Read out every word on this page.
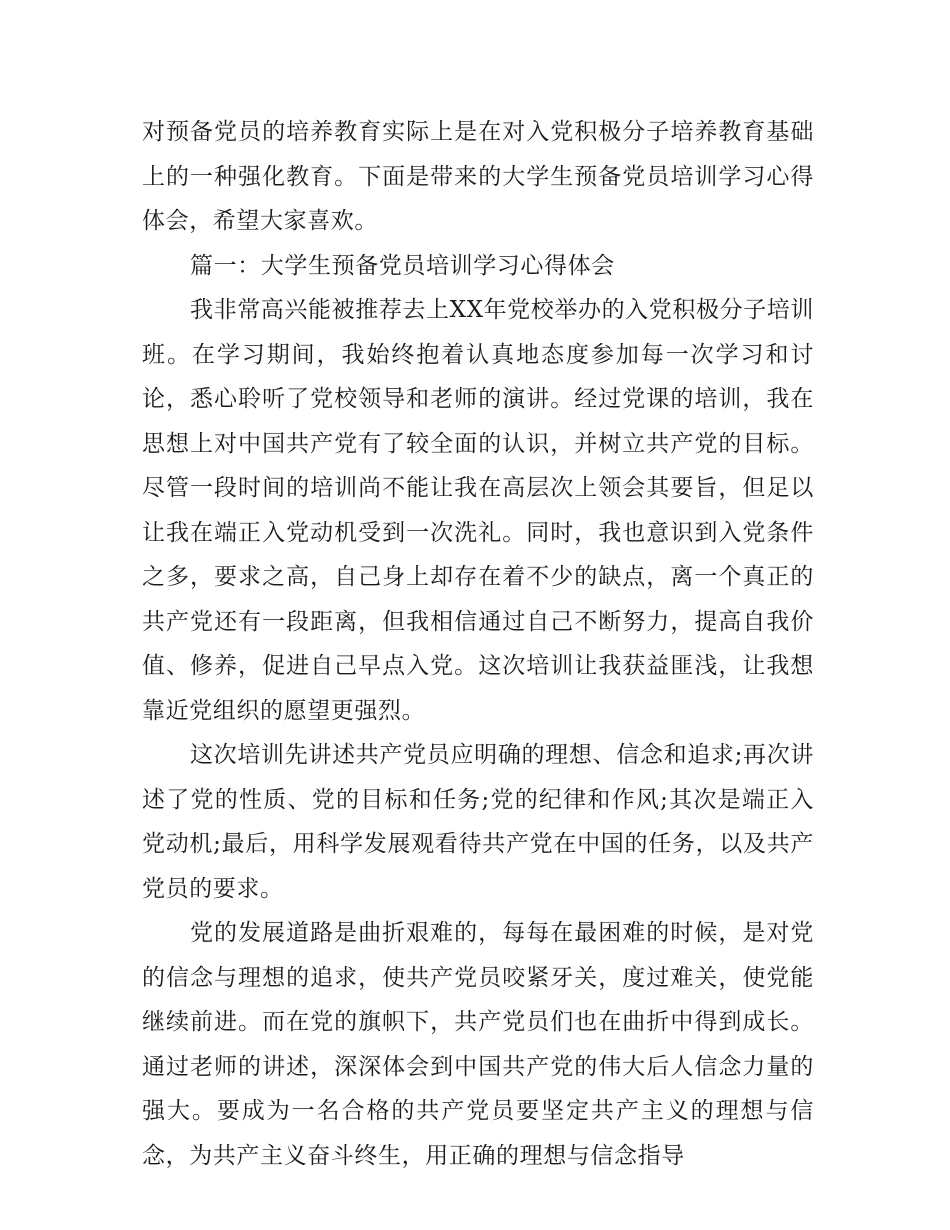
对预备党员的培养教育实际上是在对入党积极分子培养教育基础上的一种强化教育。下面是带来的大学生预备党员培训学习心得体会，希望大家喜欢。

篇一：大学生预备党员培训学习心得体会

我非常高兴能被推荐去上XX年党校举办的入党积极分子培训班。在学习期间，我始终抱着认真地态度参加每一次学习和讨论，悉心聆听了党校领导和老师的演讲。经过党课的培训，我在思想上对中国共产党有了较全面的认识，并树立共产党的目标。尽管一段时间的培训尚不能让我在高层次上领会其要旨，但足以让我在端正入党动机受到一次洗礼。同时，我也意识到入党条件之多，要求之高，自己身上却存在着不少的缺点，离一个真正的共产党还有一段距离，但我相信通过自己不断努力，提高自我价值、修养，促进自己早点入党。这次培训让我获益匪浅，让我想靠近党组织的愿望更强烈。

这次培训先讲述共产党员应明确的理想、信念和追求;再次讲述了党的性质、党的目标和任务;党的纪律和作风;其次是端正入党动机;最后，用科学发展观看待共产党在中国的任务，以及共产党员的要求。

党的发展道路是曲折艰难的，每每在最困难的时候，是对党的信念与理想的追求，使共产党员咬紧牙关，度过难关，使党能继续前进。而在党的旗帜下，共产党员们也在曲折中得到成长。通过老师的讲述，深深体会到中国共产党的伟大后人信念力量的强大。要成为一名合格的共产党员要坚定共产主义的理想与信念，为共产主义奋斗终生，用正确的理想与信念指导
